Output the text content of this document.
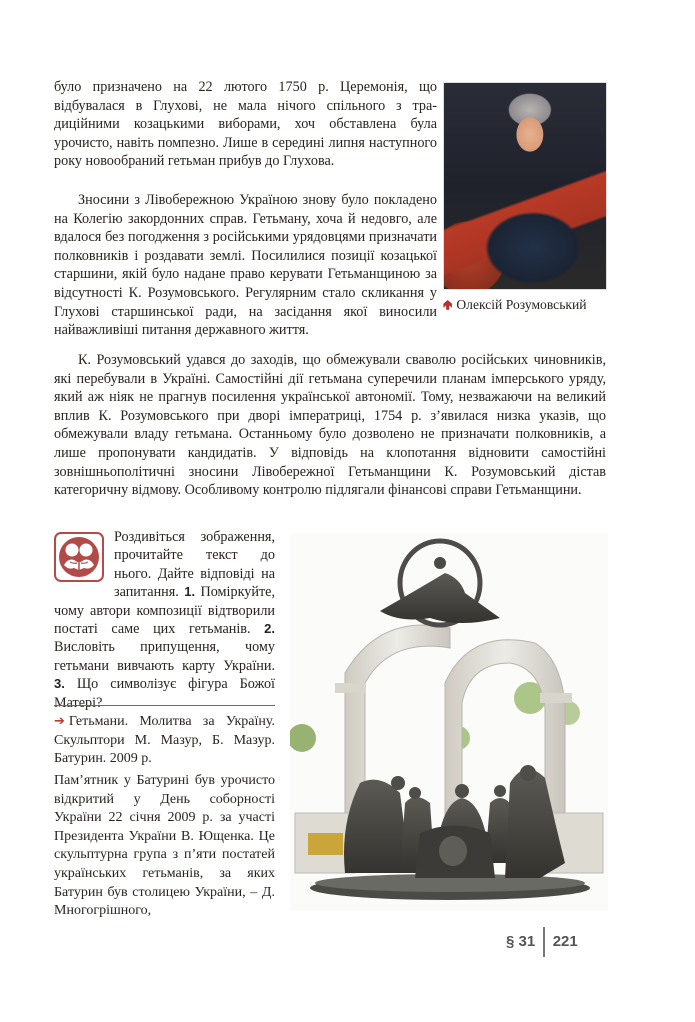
було призначено на 22 лютого 1750 р. Церемонія, що відбувалася в Глухові, не мала нічого спільного з традиційними козацькими виборами, хоч обставлена була урочисто, навіть помпезно. Лише в середині липня наступного року новообраний гетьман прибув до Глухова.

Зносини з Лівобережною Україною знову було покладено на Колегію закордонних справ. Гетьману, хоча й недовго, але вдалося без погодження з російськими урядовцями призначати полковників і роздавати землі. Посилилися позиції козацької старшини, якій було надане право керувати Гетьманщиною за відсутності К. Розумовського. Регулярним стало скликання у Глухові старшинської ради, на засідання якої виносили найважливіші питання державного життя.

🢁 Олексій Розумовський

К. Розумовський удався до заходів, що обмежували сваволю російських чиновників, які перебували в Україні. Самостійні дії гетьмана суперечили планам імперського уряду, який аж ніяк не прагнув посилення української автономії. Тому, незважаючи на великий вплив К. Розумовського при дворі імператриці, 1754 р. з’явилася низка указів, що обмежували владу гетьмана. Останньому було дозволено не призначати полковників, а лише пропонувати кандидатів. У відповідь на клопотання відновити самостійні зовнішньополітичні зносини Лівобережної Гетьманщини К. Розумовський дістав категоричну відмову. Особливому контролю підлягали фінансові справи Гетьманщини.

Роздивіться зображення, прочитайте текст до нього. Дайте відповіді на запитання. 1. Поміркуйте, чому автори композиції відтворили постаті саме цих гетьманів. 2. Висловіть припущення, чому гетьмани вивчають карту України. 3. Що символізує фігура Божої Матері?

➔ Гетьмани. Молитва за Україну. Скульптори М. Мазур, Б. Мазур. Батурин. 2009 р.

Пам’ятник у Батурині був урочисто відкритий у День соборності України 22 січня 2009 р. за участі Президента України В. Ющенка. Це скульптурна група з п’яти постатей українських гетьманів, за яких Батурин був столицею України, – Д. Многогрішного,

§ 31 221
